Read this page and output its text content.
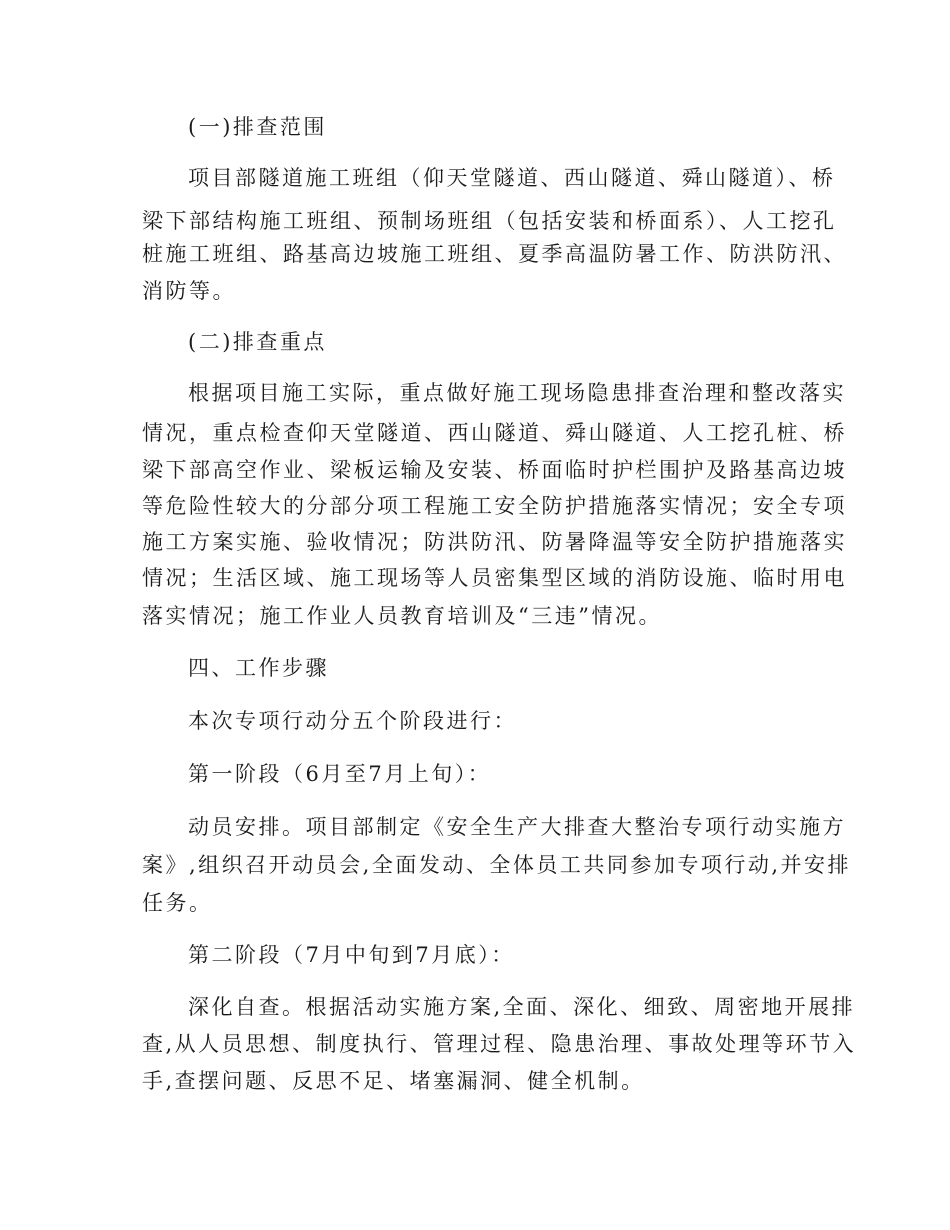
(一)排查范围

项目部隧道施工班组（仰天堂隧道、西山隧道、舜山隧道）、桥

梁下部结构施工班组、预制场班组（包括安装和桥面系）、人工挖孔

桩施工班组、路基高边坡施工班组、夏季高温防暑工作、防洪防汛、

消防等。

(二)排查重点

根据项目施工实际，重点做好施工现场隐患排查治理和整改落实

情况，重点检查仰天堂隧道、西山隧道、舜山隧道、人工挖孔桩、桥

梁下部高空作业、梁板运输及安装、桥面临时护栏围护及路基高边坡

等危险性较大的分部分项工程施工安全防护措施落实情况；安全专项

施工方案实施、验收情况；防洪防汛、防暑降温等安全防护措施落实

情况；生活区域、施工现场等人员密集型区域的消防设施、临时用电

落实情况；施工作业人员教育培训及“三违”情况。

四、工作步骤

本次专项行动分五个阶段进行：

第一阶段（6月至7月上旬）：

动员安排。项目部制定《安全生产大排查大整治专项行动实施方

案》,组织召开动员会,全面发动、全体员工共同参加专项行动,并安排

任务。

第二阶段（7月中旬到7月底）：

深化自查。根据活动实施方案,全面、深化、细致、周密地开展排

查,从人员思想、制度执行、管理过程、隐患治理、事故处理等环节入

手,查摆问题、反思不足、堵塞漏洞、健全机制。
